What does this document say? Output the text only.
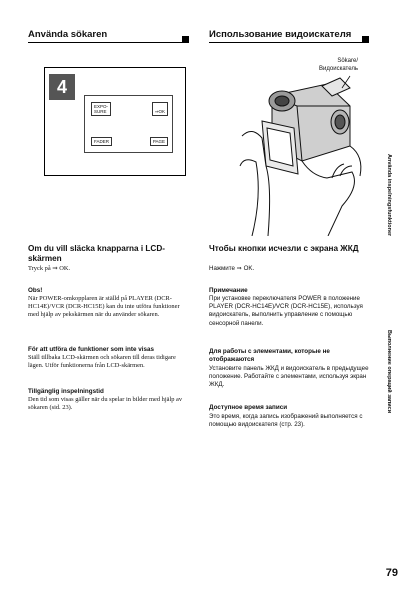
Använda sökaren	Использование видоискателя
4
EXPO-
SURE	⇒OK

FADER	PAGE
Sökare/
Видоискатель
Om du vill släcka knapparna i LCD-skärmen
Tryck på ⇒ OK.
Obs!
När POWER-omkopplaren är ställd på PLAYER (DCR-HC14E)/VCR (DCR-HC15E) kan du inte utföra funktioner med hjälp av pekskärmen när du använder sökaren.
För att utföra de funktioner som inte visas
Ställ tillbaka LCD-skärmen och sökaren till deras tidigare lägen. Utför funktionerna från LCD-skärmen.
Tillgänglig inspelningstid
Den tid som visas gäller när du spelar in bilder med hjälp av sökaren (sid. 23).
Чтобы кнопки исчезли с экрана ЖКД
Нажмите ⇒ OK.
Примечание
При установке переключателя POWER в положение PLAYER (DCR-HC14E)/VCR (DCR-HC15E), используя видоискатель, выполнить управление с помощью сенсорной панели.
Для работы с элементами, которые не отображаются
Установите панель ЖКД и видоискатель в предыдущее положение. Работайте с элементами, используя экран ЖКД.
Доступное время записи
Это время, когда запись изображений выполняется с помощью видоискателя (стр. 23).
Använda inspelningsfunktioner
Выполнение операций записи
79
